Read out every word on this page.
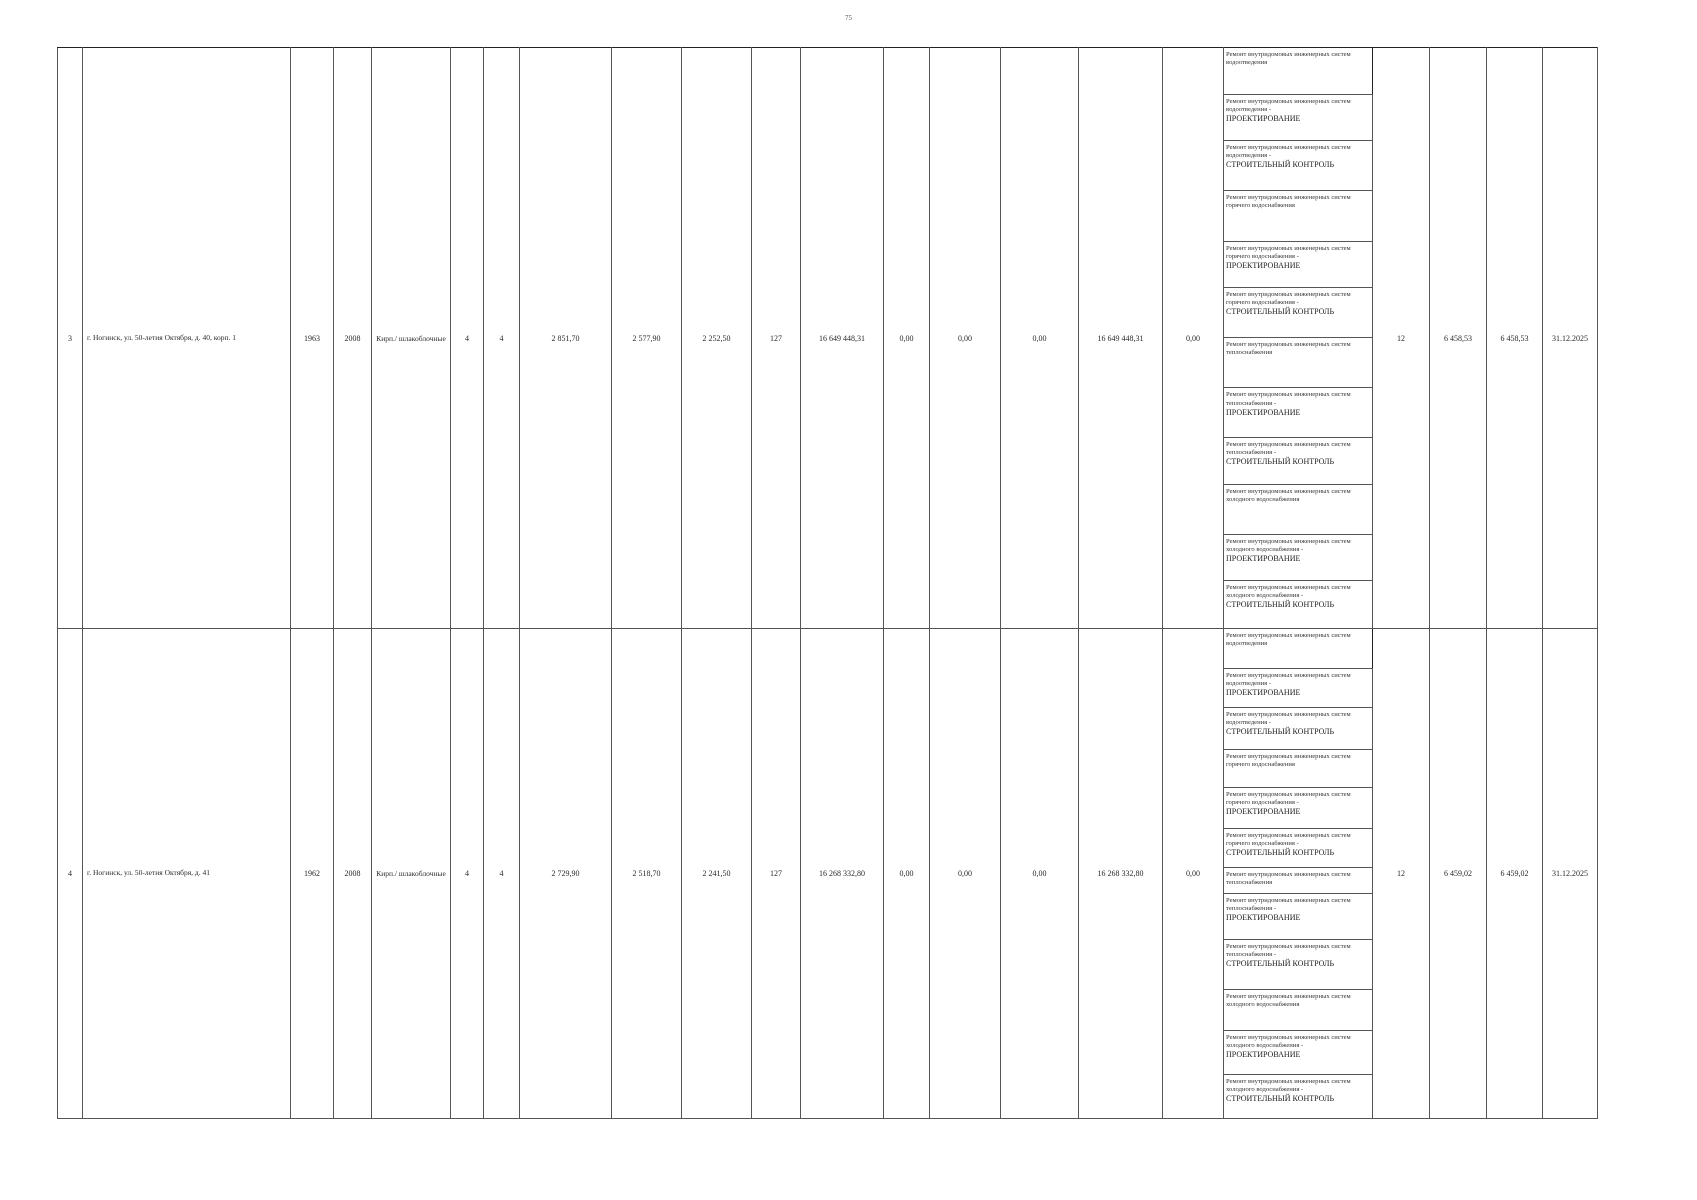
75
3	г. Ногинск, ул. 50-летия Октября, д. 40, корп. 1	1963	2008	Кирп./ шлакоблочные	4	4	2 851,70	2 577,90	2 252,50	127	16 649 448,31	0,00	0,00	0,00	16 649 448,31	0,00	Ремонт внутридомовых инженерных систем водоотведения	12	6 458,53	6 458,53	31.12.2025
																	Ремонт внутридомовых инженерных систем водоотведения -
ПРОЕКТИРОВАНИЕ				

																	Ремонт внутридомовых инженерных систем водоотведения -
СТРОИТЕЛЬНЫЙ КОНТРОЛЬ				

																	Ремонт внутридомовых инженерных систем горячего водоснабжения				
																	Ремонт внутридомовых инженерных систем горячего водоснабжения -
ПРОЕКТИРОВАНИЕ				

																	Ремонт внутридомовых инженерных систем горячего водоснабжения -
СТРОИТЕЛЬНЫЙ КОНТРОЛЬ				

																	Ремонт внутридомовых инженерных систем теплоснабжения				
																	Ремонт внутридомовых инженерных систем теплоснабжения -
ПРОЕКТИРОВАНИЕ				

																	Ремонт внутридомовых инженерных систем теплоснабжения -
СТРОИТЕЛЬНЫЙ КОНТРОЛЬ				

																	Ремонт внутридомовых инженерных систем холодного водоснабжения				
																	Ремонт внутридомовых инженерных систем холодного водоснабжения -
ПРОЕКТИРОВАНИЕ				

																	Ремонт внутридомовых инженерных систем холодного водоснабжения -
СТРОИТЕЛЬНЫЙ КОНТРОЛЬ				

4	г. Ногинск, ул. 50-летия Октября, д. 41	1962	2008	Кирп./ шлакоблочные	4	4	2 729,90	2 518,70	2 241,50	127	16 268 332,80	0,00	0,00	0,00	16 268 332,80	0,00	Ремонт внутридомовых инженерных систем водоотведения	12	6 459,02	6 459,02	31.12.2025
																	Ремонт внутридомовых инженерных систем водоотведения -
ПРОЕКТИРОВАНИЕ				

																	Ремонт внутридомовых инженерных систем водоотведения -
СТРОИТЕЛЬНЫЙ КОНТРОЛЬ				

																	Ремонт внутридомовых инженерных систем горячего водоснабжения				
																	Ремонт внутридомовых инженерных систем горячего водоснабжения -
ПРОЕКТИРОВАНИЕ				

																	Ремонт внутридомовых инженерных систем горячего водоснабжения -
СТРОИТЕЛЬНЫЙ КОНТРОЛЬ				

																	Ремонт внутридомовых инженерных систем теплоснабжения				
																	Ремонт внутридомовых инженерных систем теплоснабжения -
ПРОЕКТИРОВАНИЕ				

																	Ремонт внутридомовых инженерных систем теплоснабжения -
СТРОИТЕЛЬНЫЙ КОНТРОЛЬ				

																	Ремонт внутридомовых инженерных систем холодного водоснабжения				
																	Ремонт внутридомовых инженерных систем холодного водоснабжения -
ПРОЕКТИРОВАНИЕ				

																	Ремонт внутридомовых инженерных систем холодного водоснабжения -
СТРОИТЕЛЬНЫЙ КОНТРОЛЬ				
